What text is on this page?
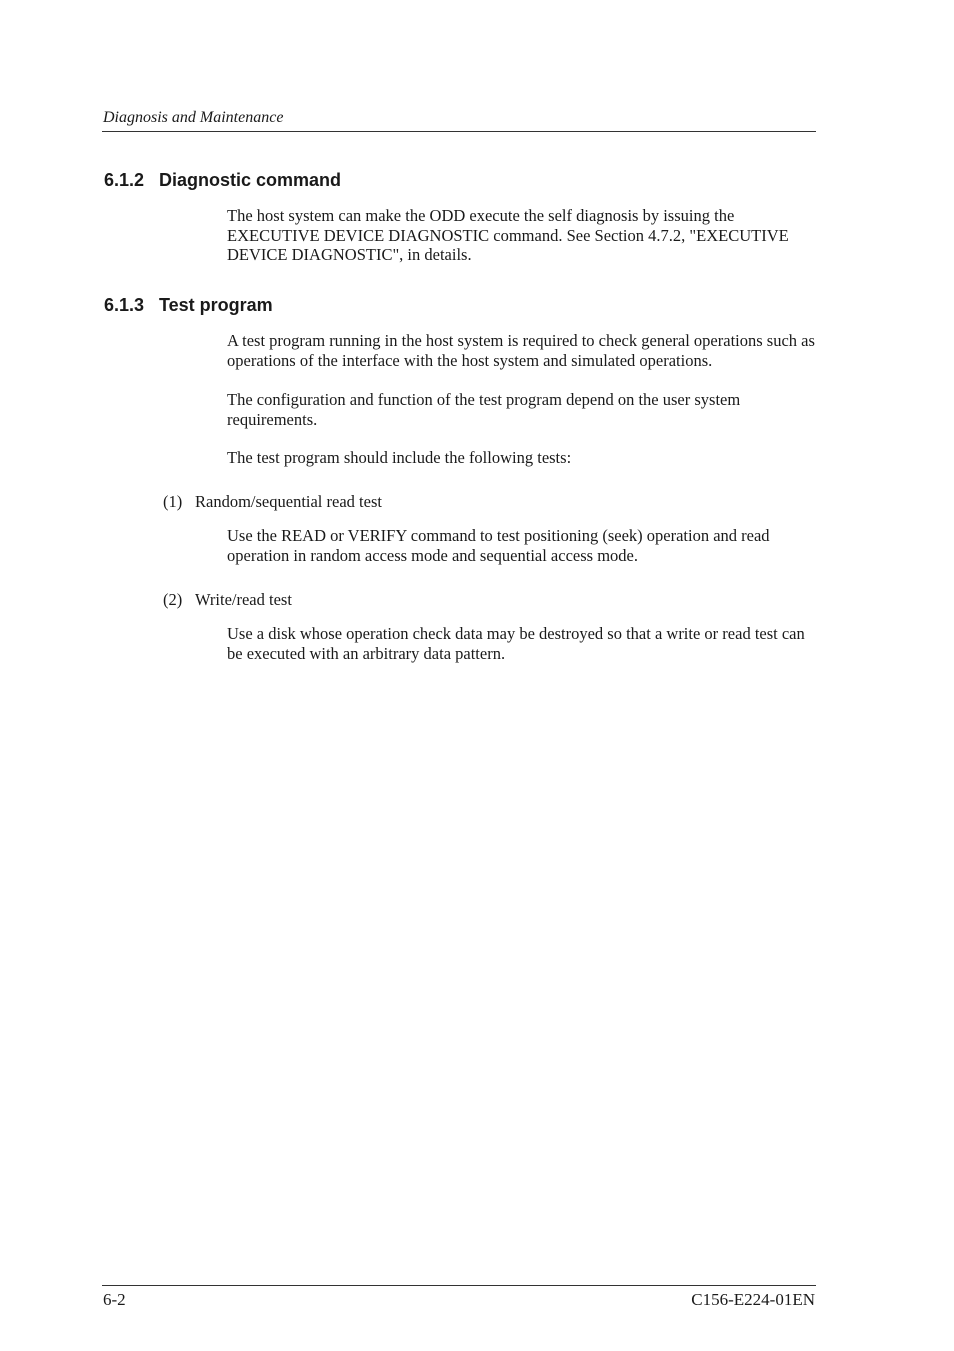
Diagnosis and Maintenance
6.1.2 Diagnostic command

The host system can make the ODD execute the self diagnosis by issuing the EXECUTIVE DEVICE DIAGNOSTIC command. See Section 4.7.2, "EXECUTIVE DEVICE DIAGNOSTIC", in details.

6.1.3 Test program

A test program running in the host system is required to check general operations such as operations of the interface with the host system and simulated operations.

The configuration and function of the test program depend on the user system requirements.

The test program should include the following tests:

(1) Random/sequential read test

Use the READ or VERIFY command to test positioning (seek) operation and read operation in random access mode and sequential access mode.

(2) Write/read test

Use a disk whose operation check data may be destroyed so that a write or read test can be executed with an arbitrary data pattern.

6-2	C156-E224-01EN
